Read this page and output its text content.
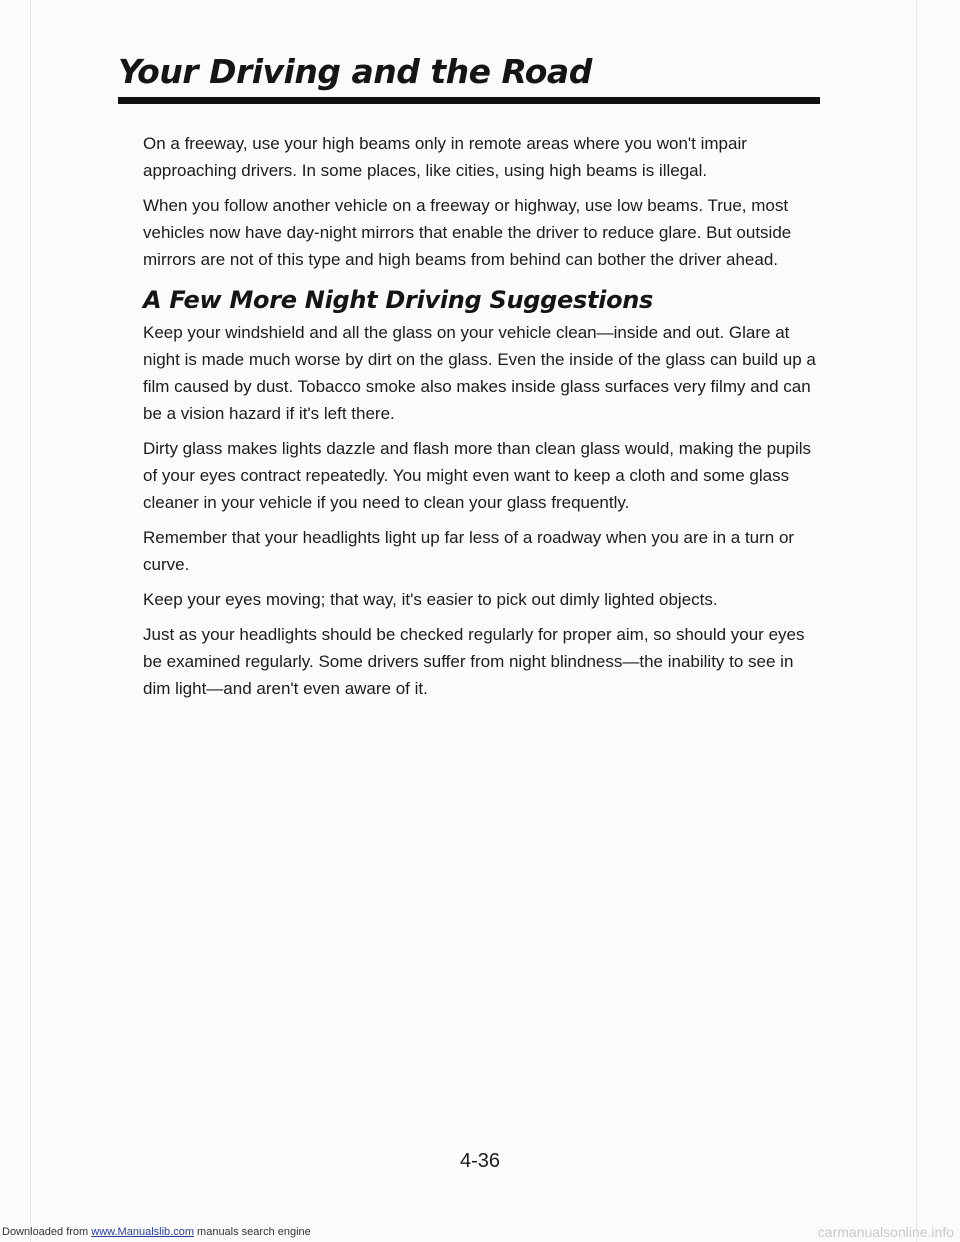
Your Driving and the Road

On a freeway, use your high beams only in remote areas where you won't impair approaching drivers. In some places, like cities, using high beams is illegal.

When you follow another vehicle on a freeway or highway, use low beams. True, most vehicles now have day-night mirrors that enable the driver to reduce glare. But outside mirrors are not of this type and high beams from behind can bother the driver ahead.

A Few More Night Driving Suggestions

Keep your windshield and all the glass on your vehicle clean—inside and out. Glare at night is made much worse by dirt on the glass. Even the inside of the glass can build up a film caused by dust. Tobacco smoke also makes inside glass surfaces very filmy and can be a vision hazard if it's left there.

Dirty glass makes lights dazzle and flash more than clean glass would, making the pupils of your eyes contract repeatedly. You might even want to keep a cloth and some glass cleaner in your vehicle if you need to clean your glass frequently.

Remember that your headlights light up far less of a roadway when you are in a turn or curve.

Keep your eyes moving; that way, it's easier to pick out dimly lighted objects.

Just as your headlights should be checked regularly for proper aim, so should your eyes be examined regularly. Some drivers suffer from night blindness—the inability to see in dim light—and aren't even aware of it.

4-36
Downloaded from www.Manualslib.com manuals search engine	carmanualsonline.info
